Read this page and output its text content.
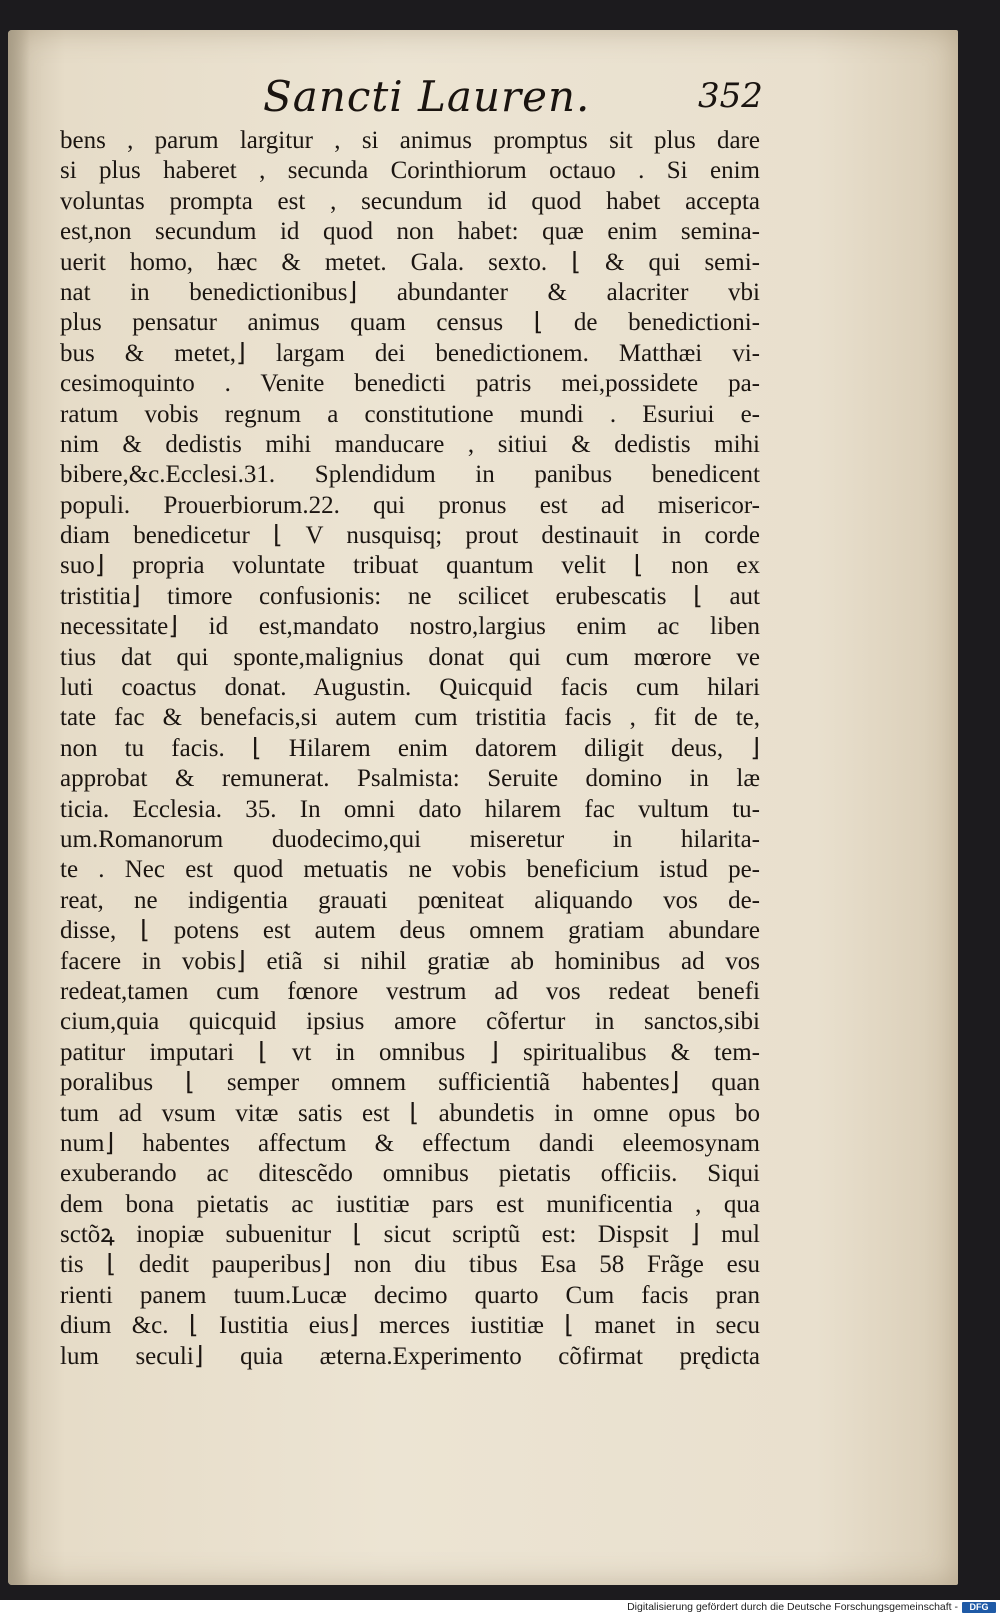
Sancti Lauren.	352
bens , parum largitur , si animus promptus sit plus dare
si plus haberet , secunda Corinthiorum octauo . Si enim
voluntas prompta est , secundum id quod habet accepta
est,non secundum id quod non habet: quæ enim semina-
uerit homo, hæc & metet. Gala. sexto. ⌊ & qui semi-
nat in benedictionibus⌋ abundanter & alacriter vbi
plus pensatur animus quam census ⌊ de benedictioni-
bus & metet,⌋ largam dei benedictionem. Matthæi vi-
cesimoquinto . Venite benedicti patris mei,possidete pa-
ratum vobis regnum a constitutione mundi . Esuriui e-
nim & dedistis mihi manducare , sitiui & dedistis mihi
bibere,&c.Ecclesi.31. Splendidum in panibus benedicent
populi. Prouerbiorum.22. qui pronus est ad misericor-
diam benedicetur ⌊ V nusquisq; prout destinauit in corde
suo⌋ propria voluntate tribuat quantum velit ⌊ non ex
tristitia⌋ timore confusionis: ne scilicet erubescatis ⌊ aut
necessitate⌋ id est,mandato nostro,largius enim ac liben
tius dat qui sponte,malignius donat qui cum mœrore ve
luti coactus donat. Augustin. Quicquid facis cum hilari
tate fac & benefacis,si autem cum tristitia facis , fit de te,
non tu facis. ⌊ Hilarem enim datorem diligit deus, ⌋
approbat & remunerat. Psalmista: Seruite domino in læ
ticia. Ecclesia. 35. In omni dato hilarem fac vultum tu-
um.Romanorum duodecimo,qui miseretur in hilarita-
te . Nec est quod metuatis ne vobis beneficium istud pe-
reat, ne indigentia grauati pœniteat aliquando vos de-
disse, ⌊ potens est autem deus omnem gratiam abundare
facere in vobis⌋ etiã si nihil gratiæ ab hominibus ad vos
redeat,tamen cum fœnore vestrum ad vos redeat benefi
cium,quia quicquid ipsius amore cõfertur in sanctos,sibi
patitur imputari ⌊ vt in omnibus ⌋ spiritualibus & tem-
poralibus ⌊ semper omnem sufficientiã habentes⌋ quan
tum ad vsum vitæ satis est ⌊ abundetis in omne opus bo
num⌋ habentes affectum & effectum dandi eleemosynam
exuberando ac ditescẽdo omnibus pietatis officiis. Siqui
dem bona pietatis ac iustitiæ pars est munificentia , qua
sctõꝝ inopiæ subuenitur ⌊ sicut scriptũ est: Dispsit ⌋ mul
tis ⌊ dedit pauperibus⌋ non diu tibus Esa 58 Frãge esu
rienti panem tuum.Lucæ decimo quarto Cum facis pran
dium &c. ⌊ Iustitia eius⌋ merces iustitiæ ⌊ manet in secu
lum seculi⌋ quia æterna.Experimento cõfirmat prędicta
Digitalisierung gefördert durch die Deutsche Forschungsgemeinschaft -	DFG
